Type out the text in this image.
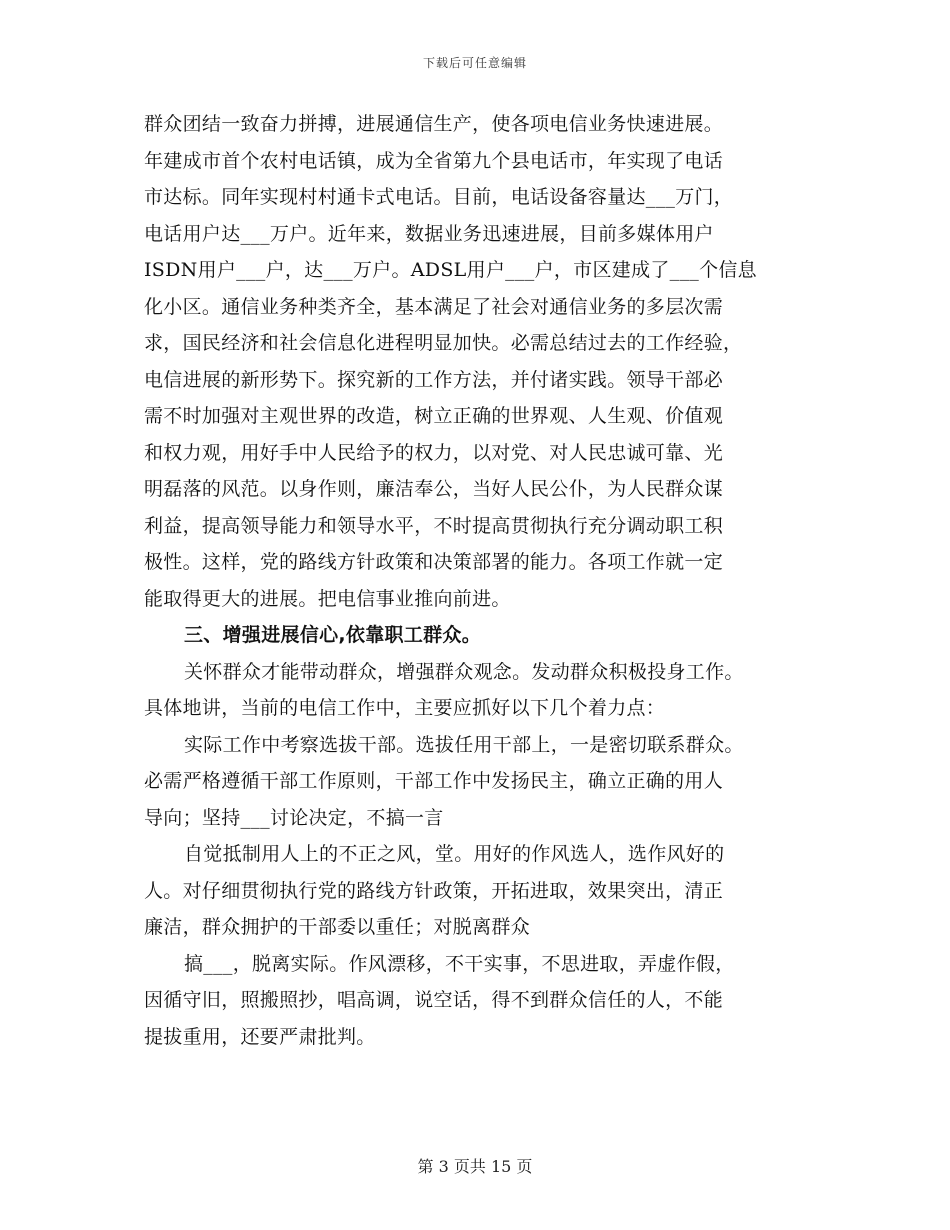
下载后可任意编辑
群众团结一致奋力拼搏，进展通信生产，使各项电信业务快速进展。
年建成市首个农村电话镇，成为全省第九个县电话市，年实现了电话
市达标。同年实现村村通卡式电话。目前，电话设备容量达___万门，
电话用户达___万户。近年来，数据业务迅速进展，目前多媒体用户
ISDN用户___户，达___万户。ADSL用户___户，市区建成了___个信息
化小区。通信业务种类齐全，基本满足了社会对通信业务的多层次需
求，国民经济和社会信息化进程明显加快。必需总结过去的工作经验，
电信进展的新形势下。探究新的工作方法，并付诸实践。领导干部必
需不时加强对主观世界的改造，树立正确的世界观、人生观、价值观
和权力观，用好手中人民给予的权力，以对党、对人民忠诚可靠、光
明磊落的风范。以身作则，廉洁奉公，当好人民公仆，为人民群众谋
利益，提高领导能力和领导水平，不时提高贯彻执行充分调动职工积
极性。这样，党的路线方针政策和决策部署的能力。各项工作就一定
能取得更大的进展。把电信事业推向前进。
三、增强进展信心,依靠职工群众。
关怀群众才能带动群众，增强群众观念。发动群众积极投身工作。
具体地讲，当前的电信工作中，主要应抓好以下几个着力点：
实际工作中考察选拔干部。选拔任用干部上，一是密切联系群众。
必需严格遵循干部工作原则，干部工作中发扬民主，确立正确的用人
导向；坚持___讨论决定，不搞一言
自觉抵制用人上的不正之风，堂。用好的作风选人，选作风好的
人。对仔细贯彻执行党的路线方针政策，开拓进取，效果突出，清正
廉洁，群众拥护的干部委以重任；对脱离群众
搞___，脱离实际。作风漂移，不干实事，不思进取，弄虚作假，
因循守旧，照搬照抄，唱高调，说空话，得不到群众信任的人，不能
提拔重用，还要严肃批判。
第 3 页共 15 页
